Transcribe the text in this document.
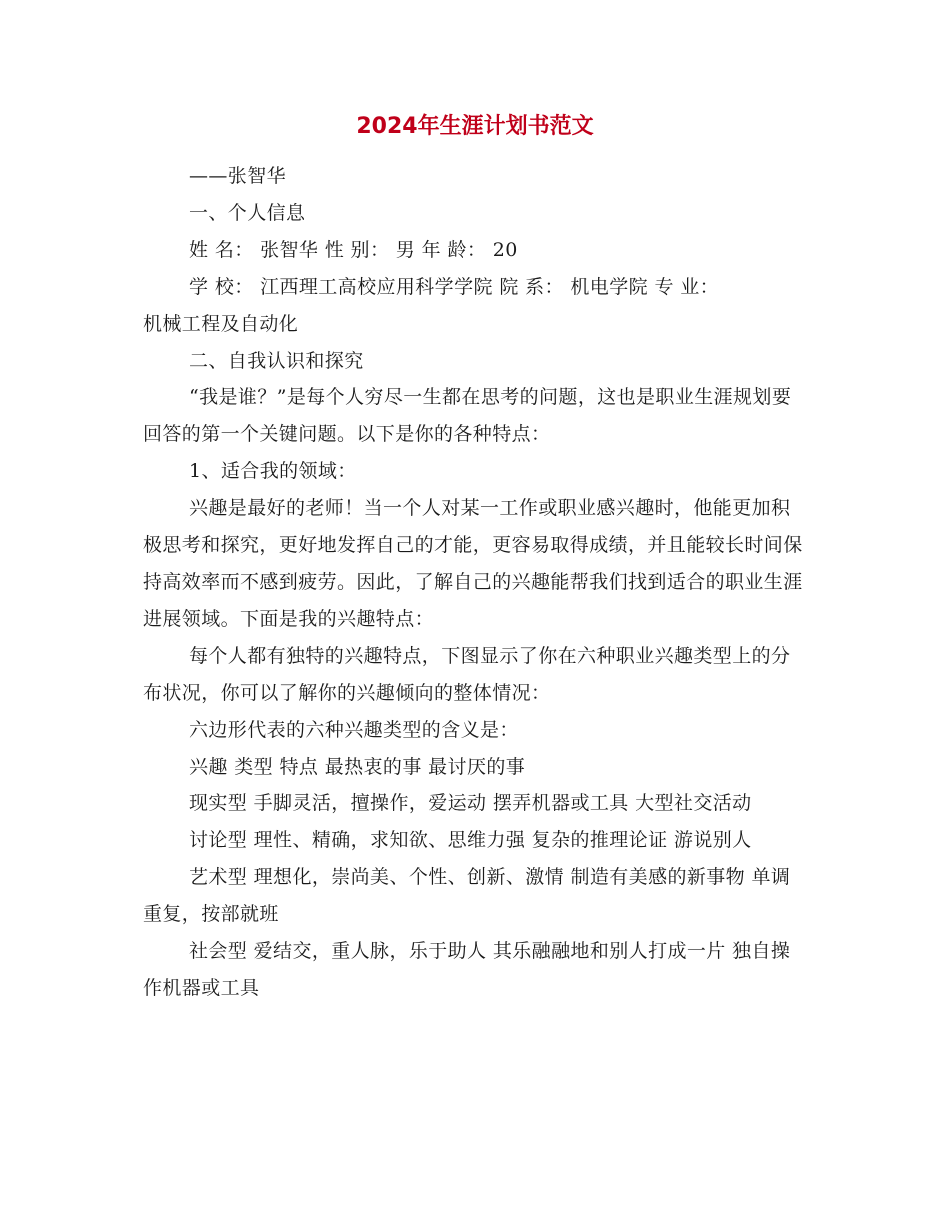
2024年生涯计划书范文

——张智华

一、个人信息

姓 名： 张智华 性 别： 男 年 龄： 20

学 校： 江西理工高校应用科学学院 院 系： 机电学院 专 业：

机械工程及自动化

二、自我认识和探究

“我是谁？”是每个人穷尽一生都在思考的问题，这也是职业生涯规划要回答的第一个关键问题。以下是你的各种特点：

1、适合我的领域：

兴趣是最好的老师！当一个人对某一工作或职业感兴趣时，他能更加积极思考和探究，更好地发挥自己的才能，更容易取得成绩，并且能较长时间保持高效率而不感到疲劳。因此，了解自己的兴趣能帮我们找到适合的职业生涯进展领域。下面是我的兴趣特点：

每个人都有独特的兴趣特点，下图显示了你在六种职业兴趣类型上的分布状况，你可以了解你的兴趣倾向的整体情况：

六边形代表的六种兴趣类型的含义是：

兴趣 类型 特点 最热衷的事 最讨厌的事

现实型 手脚灵活，擅操作，爱运动 摆弄机器或工具 大型社交活动

讨论型 理性、精确，求知欲、思维力强 复杂的推理论证 游说别人

艺术型 理想化，崇尚美、个性、创新、激情 制造有美感的新事物 单调重复，按部就班

社会型 爱结交，重人脉，乐于助人 其乐融融地和别人打成一片 独自操作机器或工具
